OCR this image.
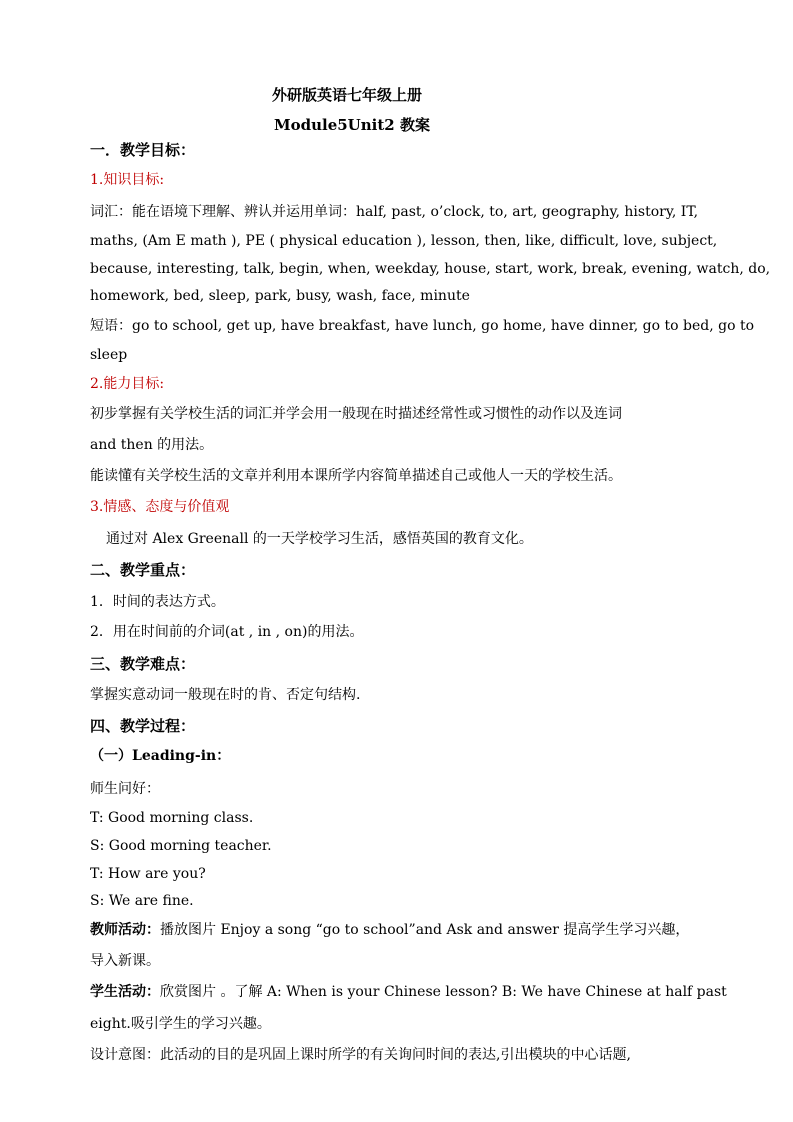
外研版英语七年级上册
Module5Unit2 教案
一．教学目标：
1.知识目标:
词汇：能在语境下理解、辨认并运用单词：half, past, o’clock, to, art, geography, history, IT,
maths, (Am E math ), PE ( physical education ), lesson, then, like, difficult, love, subject,
because, interesting, talk, begin, when, weekday, house, start, work, break, evening, watch, do,
homework, bed, sleep, park, busy, wash, face, minute
短语：go to school, get up, have breakfast, have lunch, go home, have dinner, go to bed, go to
sleep
2.能力目标:
初步掌握有关学校生活的词汇并学会用一般现在时描述经常性或习惯性的动作以及连词
and then 的用法。
能读懂有关学校生活的文章并利用本课所学内容简单描述自己或他人一天的学校生活。
3.情感、态度与价值观
通过对 Alex Greenall 的一天学校学习生活，感悟英国的教育文化。
二、教学重点：
1．时间的表达方式。
2．用在时间前的介词(at , in , on)的用法。
三、教学难点：
掌握实意动词一般现在时的肯、否定句结构.
四、教学过程：
（一）Leading-in：
师生问好：
T: Good morning class.
S: Good morning teacher.
T: How are you?
S: We are fine.
教师活动：播放图片 Enjoy a song “go to school”and Ask and answer 提高学生学习兴趣，
导入新课。
学生活动：欣赏图片 。了解 A: When is your Chinese lesson? B: We have Chinese at half past
eight.吸引学生的学习兴趣。
设计意图：此活动的目的是巩固上课时所学的有关询问时间的表达,引出模块的中心话题,
